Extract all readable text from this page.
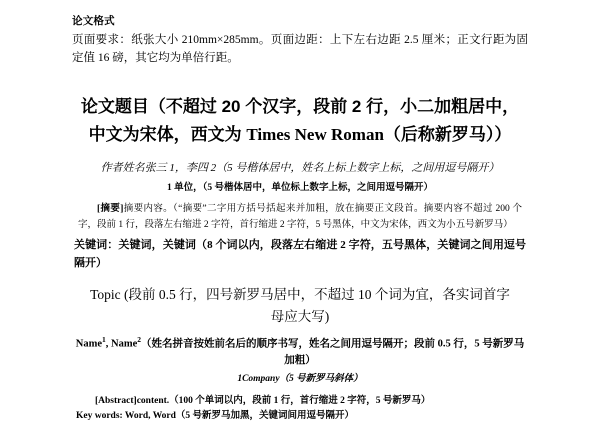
论文格式

页面要求：纸张大小 210mm×285mm。页面边距：上下左右边距 2.5 厘米；正文行距为固定值 16 磅，其它均为单倍行距。

论文题目（不超过 20 个汉字，段前 2 行，小二加粗居中，
中文为宋体，西文为 Times New Roman（后称新罗马））

作者姓名张三 1，李四 2（5 号楷体居中，姓名上标上数字上标，之间用逗号隔开）

1 单位，（5 号楷体居中，单位标上数字上标，之间用逗号隔开）

[摘要]摘要内容。（“摘要”二字用方括号括起来并加粗，放在摘要正文段首。摘要内容不超过 200 个字，段前 1 行，段落左右缩进 2 字符，首行缩进 2 字符，5 号黑体，中文为宋体，西文为小五号新罗马）

关键词：关键词，关键词（8 个词以内，段落左右缩进 2 字符，五号黑体，关键词之间用逗号隔开）

Topic (段前 0.5 行，四号新罗马居中，不超过 10 个词为宜，各实词首字母应大写)

Name$^1$, Name$^2$（姓名拼音按姓前名后的顺序书写，姓名之间用逗号隔开；段前 0.5 行，5 号新罗马加粗）

1Company（5 号新罗马斜体）

[Abstract]content.（100 个单词以内，段前 1 行，首行缩进 2 字符，5 号新罗马）

Key words: Word, Word（5 号新罗马加黑，关键词间用逗号隔开）
